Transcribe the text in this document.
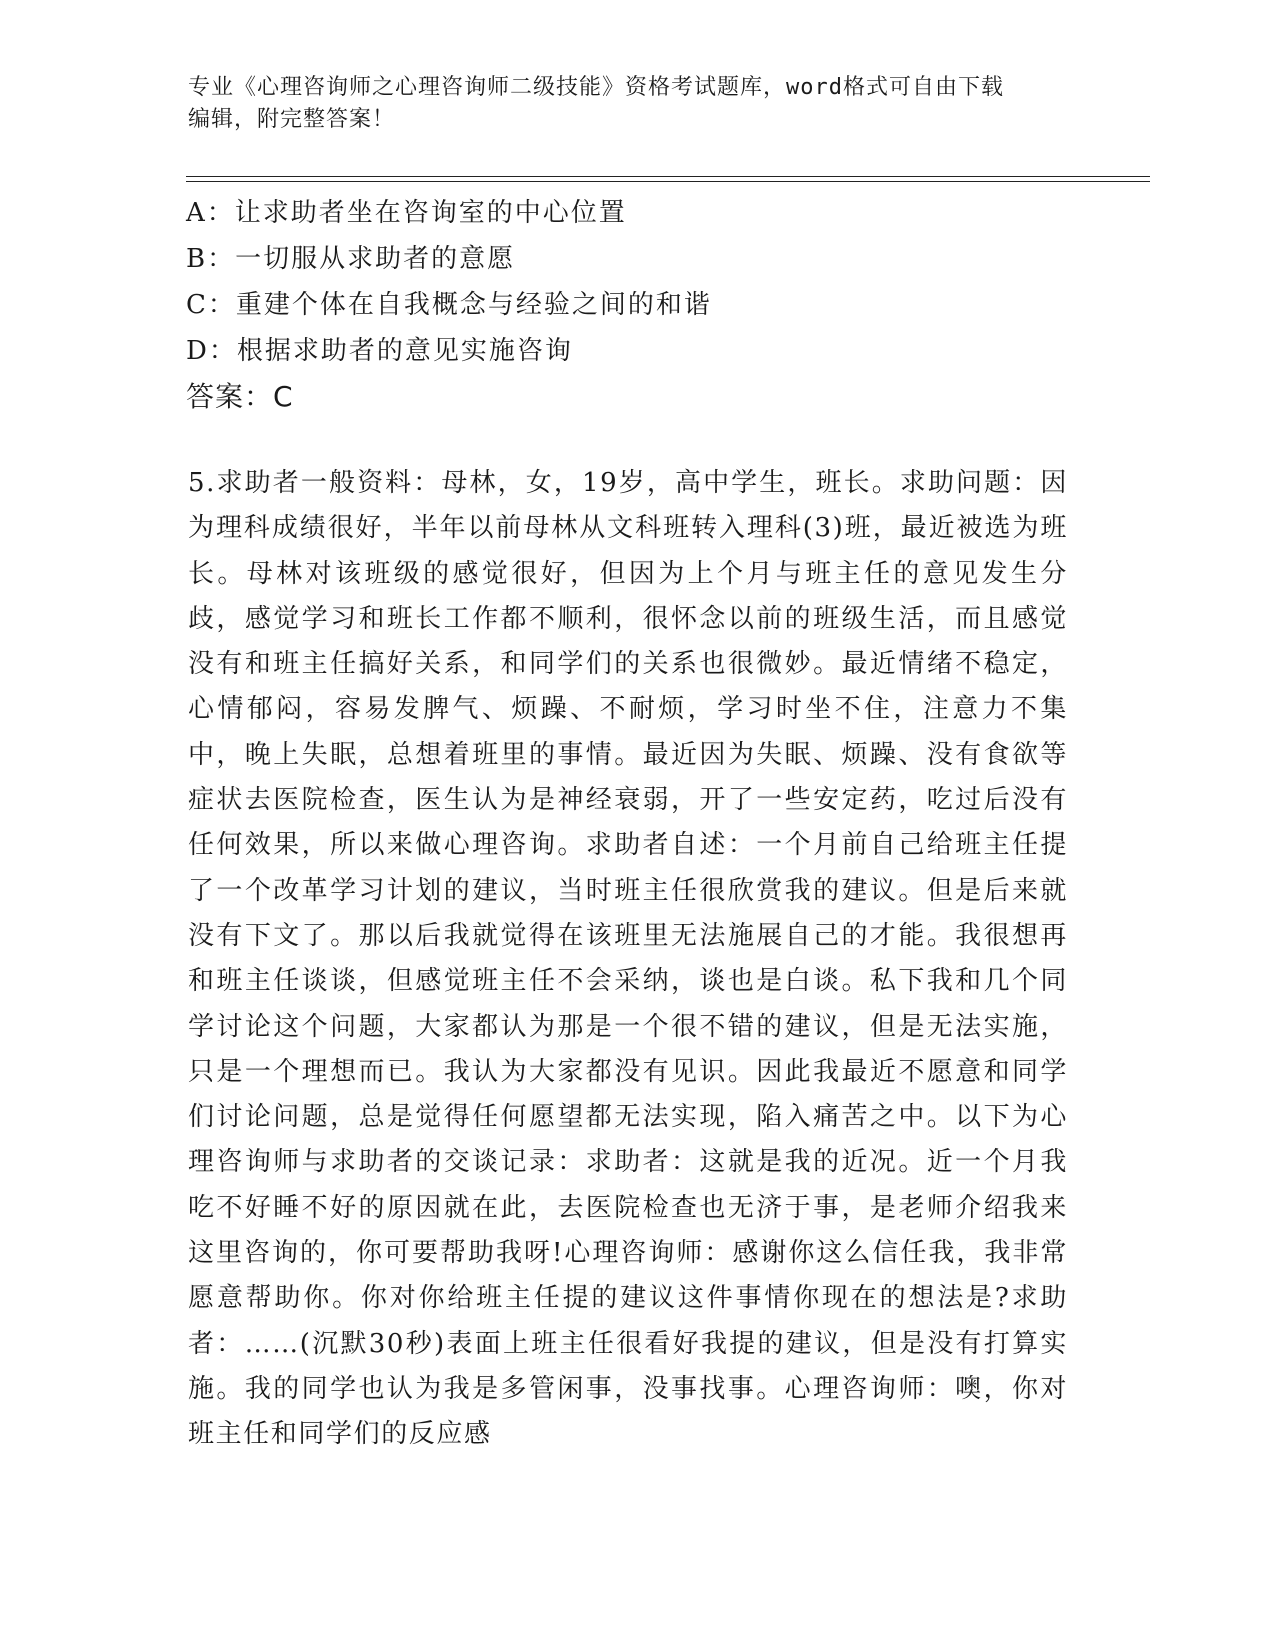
专业《心理咨询师之心理咨询师二级技能》资格考试题库，word格式可自由下载
编辑，附完整答案！
A：让求助者坐在咨询室的中心位置
B：一切服从求助者的意愿
C：重建个体在自我概念与经验之间的和谐
D：根据求助者的意见实施咨询
答案：C
5.求助者一般资料：母林，女，19岁，高中学生，班长。求助问题：因为理科成绩很好，半年以前母林从文科班转入理科(3)班，最近被选为班长。母林对该班级的感觉很好，但因为上个月与班主任的意见发生分歧，感觉学习和班长工作都不顺利，很怀念以前的班级生活，而且感觉没有和班主任搞好关系，和同学们的关系也很微妙。最近情绪不稳定，心情郁闷，容易发脾气、烦躁、不耐烦，学习时坐不住，注意力不集中，晚上失眠，总想着班里的事情。最近因为失眠、烦躁、没有食欲等症状去医院检查，医生认为是神经衰弱，开了一些安定药，吃过后没有任何效果，所以来做心理咨询。求助者自述：一个月前自己给班主任提了一个改革学习计划的建议，当时班主任很欣赏我的建议。但是后来就没有下文了。那以后我就觉得在该班里无法施展自己的才能。我很想再和班主任谈谈，但感觉班主任不会采纳，谈也是白谈。私下我和几个同学讨论这个问题，大家都认为那是一个很不错的建议，但是无法实施，只是一个理想而已。我认为大家都没有见识。因此我最近不愿意和同学们讨论问题，总是觉得任何愿望都无法实现，陷入痛苦之中。以下为心理咨询师与求助者的交谈记录：求助者：这就是我的近况。近一个月我吃不好睡不好的原因就在此，去医院检查也无济于事，是老师介绍我来这里咨询的，你可要帮助我呀!心理咨询师：感谢你这么信任我，我非常愿意帮助你。你对你给班主任提的建议这件事情你现在的想法是?求助者：……(沉默30秒)表面上班主任很看好我提的建议，但是没有打算实施。我的同学也认为我是多管闲事，没事找事。心理咨询师：噢，你对班主任和同学们的反应感
